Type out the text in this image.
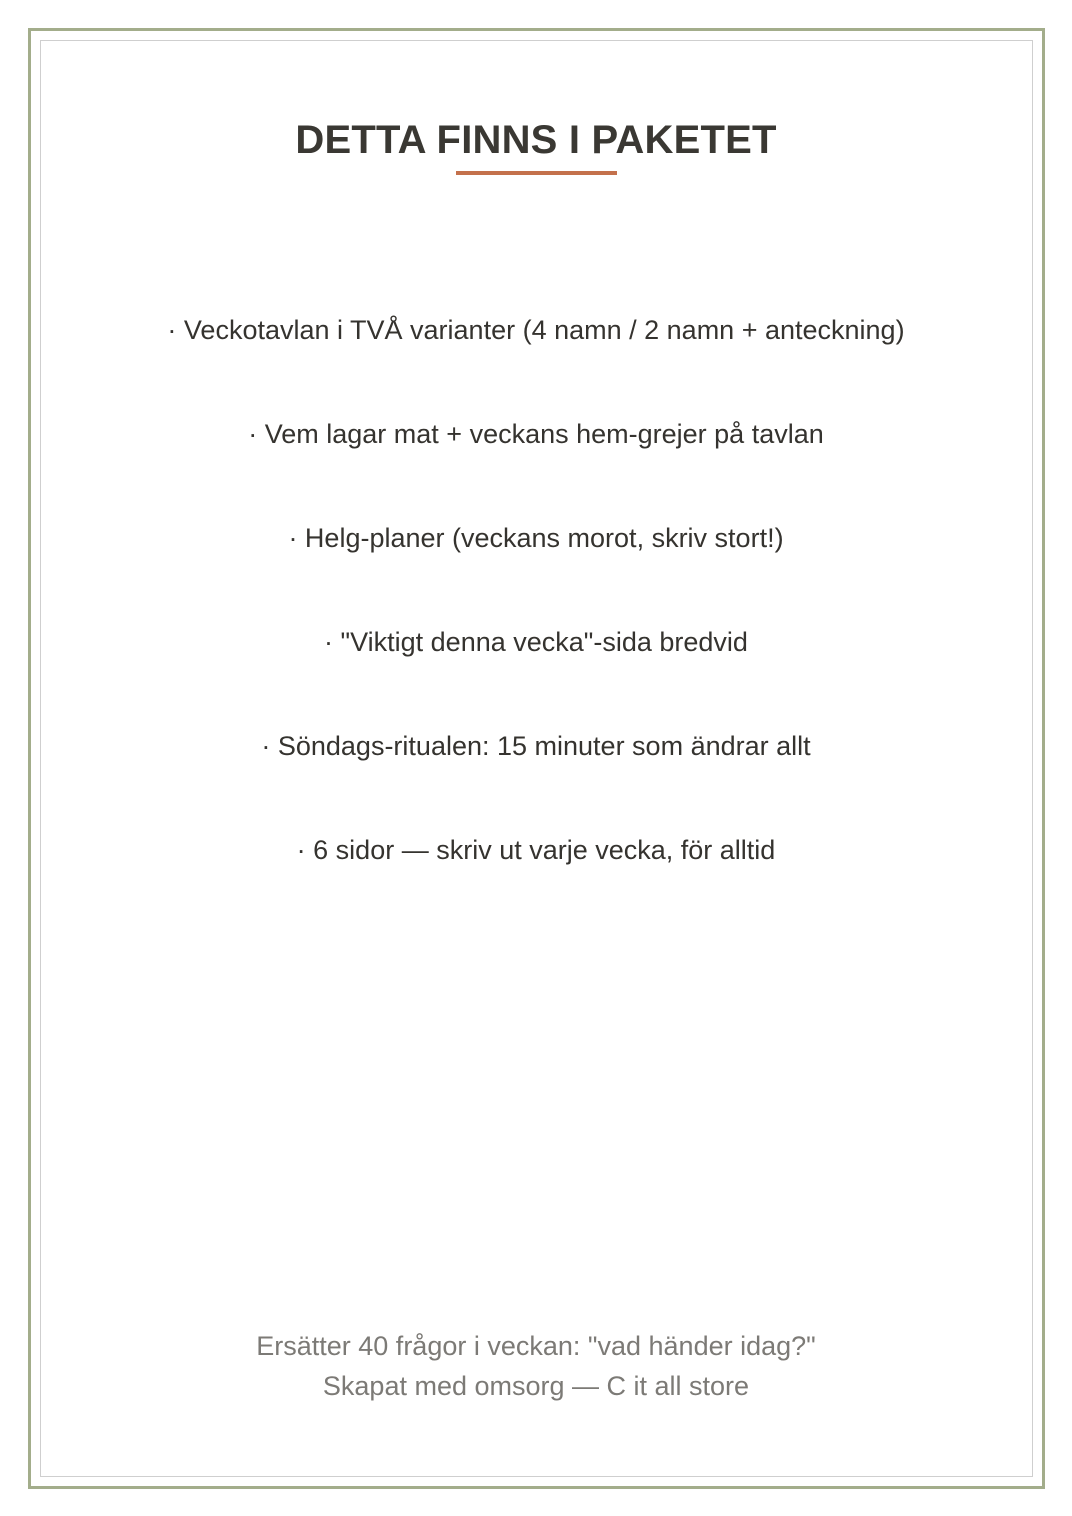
DETTA FINNS I PAKETET
· Veckotavlan i TVÅ varianter (4 namn / 2 namn + anteckning)
· Vem lagar mat + veckans hem-grejer på tavlan
· Helg-planer (veckans morot, skriv stort!)
· "Viktigt denna vecka"-sida bredvid
· Söndags-ritualen: 15 minuter som ändrar allt
· 6 sidor — skriv ut varje vecka, för alltid
Ersätter 40 frågor i veckan: "vad händer idag?"
Skapat med omsorg — C it all store
